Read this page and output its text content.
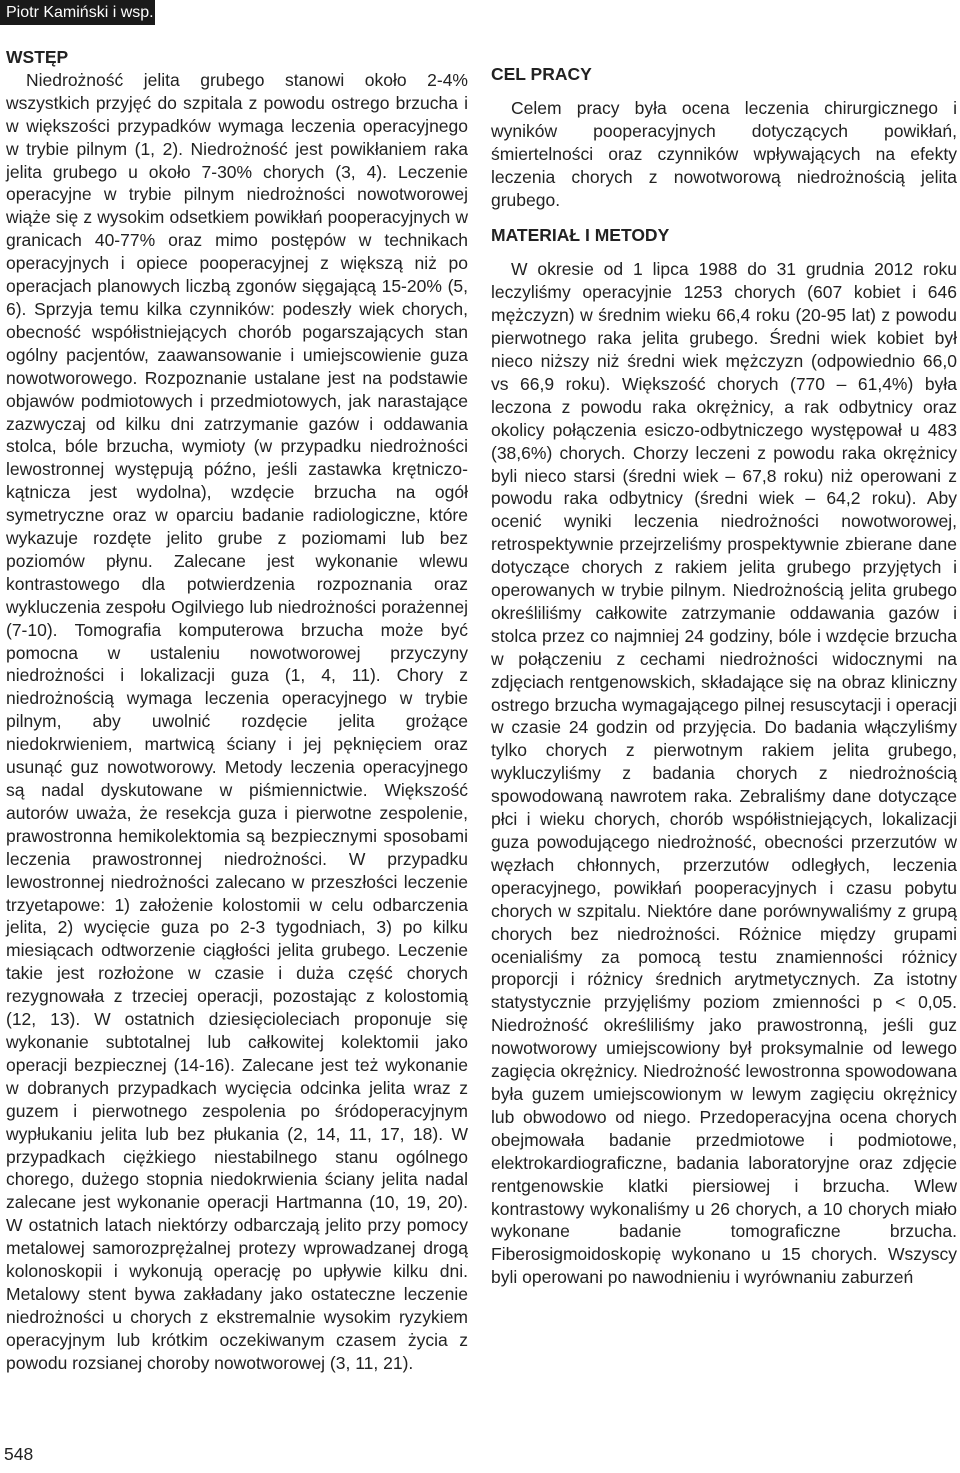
Piotr Kamiński i wsp.
WSTĘP

Niedrożność jelita grubego stanowi około 2-4% wszystkich przyjęć do szpitala z powodu ostrego brzucha i w większości przypadków wymaga leczenia operacyjnego w trybie pilnym (1, 2). Niedrożność jest powikłaniem raka jelita grubego u około 7-30% chorych (3, 4). Leczenie operacyjne w trybie pilnym niedrożności nowotworowej wiąże się z wysokim odsetkiem powikłań pooperacyjnych w granicach 40-77% oraz mimo postępów w technikach operacyjnych i opiece pooperacyjnej z większą niż po operacjach planowych liczbą zgonów sięgającą 15-20% (5, 6). Sprzyja temu kilka czynników: podeszły wiek chorych, obecność współistniejących chorób pogarszających stan ogólny pacjentów, zaawansowanie i umiejscowienie guza nowotworowego. Rozpoznanie ustalane jest na podstawie objawów podmiotowych i przedmiotowych, jak narastające zazwyczaj od kilku dni zatrzymanie gazów i oddawania stolca, bóle brzucha, wymioty (w przypadku niedrożności lewostronnej występują późno, jeśli zastawka krętniczo-kątnicza jest wydolna), wzdęcie brzucha na ogół symetryczne oraz w oparciu badanie radiologiczne, które wykazuje rozdęte jelito grube z poziomami lub bez poziomów płynu. Zalecane jest wykonanie wlewu kontrastowego dla potwierdzenia rozpoznania oraz wykluczenia zespołu Ogilviego lub niedrożności porażennej (7-10). Tomografia komputerowa brzucha może być pomocna w ustaleniu nowotworowej przyczyny niedrożności i lokalizacji guza (1, 4, 11). Chory z niedrożnością wymaga leczenia operacyjnego w trybie pilnym, aby uwolnić rozdęcie jelita grożące niedokrwieniem, martwicą ściany i jej pęknięciem oraz usunąć guz nowotworowy. Metody leczenia operacyjnego są nadal dyskutowane w piśmiennictwie. Większość autorów uważa, że resekcja guza i pierwotne zespolenie, prawostronna hemikolektomia są bezpiecznymi sposobami leczenia prawostronnej niedrożności. W przypadku lewostronnej niedrożności zalecano w przeszłości leczenie trzyetapowe: 1) założenie kolostomii w celu odbarczenia jelita, 2) wycięcie guza po 2-3 tygodniach, 3) po kilku miesiącach odtworzenie ciągłości jelita grubego. Leczenie takie jest rozłożone w czasie i duża część chorych rezygnowała z trzeciej operacji, pozostając z kolostomią (12, 13). W ostatnich dziesięcioleciach proponuje się wykonanie subtotalnej lub całkowitej kolektomii jako operacji bezpiecznej (14-16). Zalecane jest też wykonanie w dobranych przypadkach wycięcia odcinka jelita wraz z guzem i pierwotnego zespolenia po śródoperacyjnym wypłukaniu jelita lub bez płukania (2, 14, 11, 17, 18). W przypadkach ciężkiego niestabilnego stanu ogólnego chorego, dużego stopnia niedokrwienia ściany jelita nadal zalecane jest wykonanie operacji Hartmanna (10, 19, 20). W ostatnich latach niektórzy odbarczają jelito przy pomocy metalowej samorozprężalnej protezy wprowadzanej drogą kolonoskopii i wykonują operację po upływie kilku dni. Metalowy stent bywa zakładany jako ostateczne leczenie niedrożności u chorych z ekstremalnie wysokim ryzykiem operacyjnym lub krótkim oczekiwanym czasem życia z powodu rozsianej choroby nowotworowej (3, 11, 21).

CEL PRACY

Celem pracy była ocena leczenia chirurgicznego i wyników pooperacyjnych dotyczących powikłań, śmiertelności oraz czynników wpływających na efekty leczenia chorych z nowotworową niedrożnością jelita grubego.

MATERIAŁ I METODY

W okresie od 1 lipca 1988 do 31 grudnia 2012 roku leczyliśmy operacyjnie 1253 chorych (607 kobiet i 646 mężczyzn) w średnim wieku 66,4 roku (20-95 lat) z powodu pierwotnego raka jelita grubego. Średni wiek kobiet był nieco niższy niż średni wiek mężczyzn (odpowiednio 66,0 vs 66,9 roku). Większość chorych (770 – 61,4%) była leczona z powodu raka okrężnicy, a rak odbytnicy oraz okolicy połączenia esiczo-odbytniczego występował u 483 (38,6%) chorych. Chorzy leczeni z powodu raka okrężnicy byli nieco starsi (średni wiek – 67,8 roku) niż operowani z powodu raka odbytnicy (średni wiek – 64,2 roku). Aby ocenić wyniki leczenia niedrożności nowotworowej, retrospektywnie przejrzeliśmy prospektywnie zbierane dane dotyczące chorych z rakiem jelita grubego przyjętych i operowanych w trybie pilnym. Niedrożnością jelita grubego określiliśmy całkowite zatrzymanie oddawania gazów i stolca przez co najmniej 24 godziny, bóle i wzdęcie brzucha w połączeniu z cechami niedrożności widocznymi na zdjęciach rentgenowskich, składające się na obraz kliniczny ostrego brzucha wymagającego pilnej resuscytacji i operacji w czasie 24 godzin od przyjęcia. Do badania włączyliśmy tylko chorych z pierwotnym rakiem jelita grubego, wykluczyliśmy z badania chorych z niedrożnością spowodowaną nawrotem raka. Zebraliśmy dane dotyczące płci i wieku chorych, chorób współistniejących, lokalizacji guza powodującego niedrożność, obecności przerzutów w węzłach chłonnych, przerzutów odległych, leczenia operacyjnego, powikłań pooperacyjnych i czasu pobytu chorych w szpitalu. Niektóre dane porównywaliśmy z grupą chorych bez niedrożności. Różnice między grupami ocenialiśmy za pomocą testu znamienności różnicy proporcji i różnicy średnich arytmetycznych. Za istotny statystycznie przyjęliśmy poziom zmienności p < 0,05. Niedrożność określiliśmy jako prawostronną, jeśli guz nowotworowy umiejscowiony był proksymalnie od lewego zagięcia okrężnicy. Niedrożność lewostronna spowodowana była guzem umiejscowionym w lewym zagięciu okrężnicy lub obwodowo od niego. Przedoperacyjna ocena chorych obejmowała badanie przedmiotowe i podmiotowe, elektrokardiograficzne, badania laboratoryjne oraz zdjęcie rentgenowskie klatki piersiowej i brzucha. Wlew kontrastowy wykonaliśmy u 26 chorych, a 10 chorych miało wykonane badanie tomograficzne brzucha. Fiberosigmoidoskopię wykonano u 15 chorych. Wszyscy byli operowani po nawodnieniu i wyrównaniu zaburzeń

548
